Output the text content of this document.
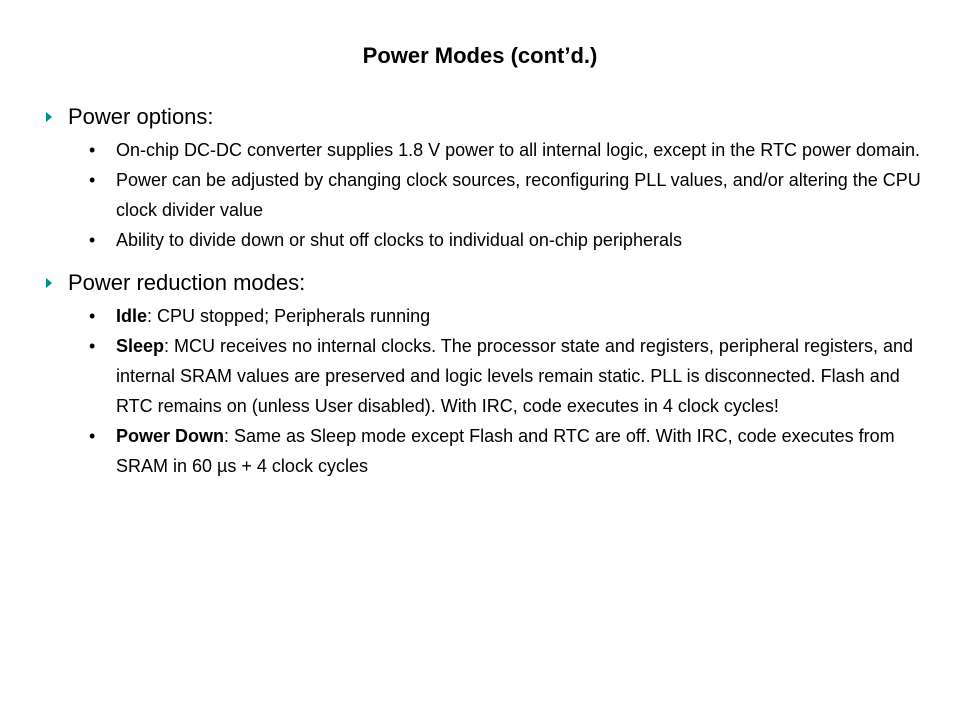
Power Modes (cont’d.)
Power options:
• On-chip DC-DC converter supplies 1.8 V power to all internal logic, except in the RTC power domain.
• Power can be adjusted by changing clock sources, reconfiguring PLL values, and/or altering the CPU clock divider value
• Ability to divide down or shut off clocks to individual on-chip peripherals
Power reduction modes:
• Idle: CPU stopped; Peripherals running
• Sleep: MCU receives no internal clocks. The processor state and registers, peripheral registers, and internal SRAM values are preserved and logic levels remain static. PLL is disconnected. Flash and RTC remains on (unless User disabled). With IRC, code executes in 4 clock cycles!
• Power Down: Same as Sleep mode except Flash and RTC are off. With IRC, code executes from SRAM in 60 µs + 4 clock cycles
